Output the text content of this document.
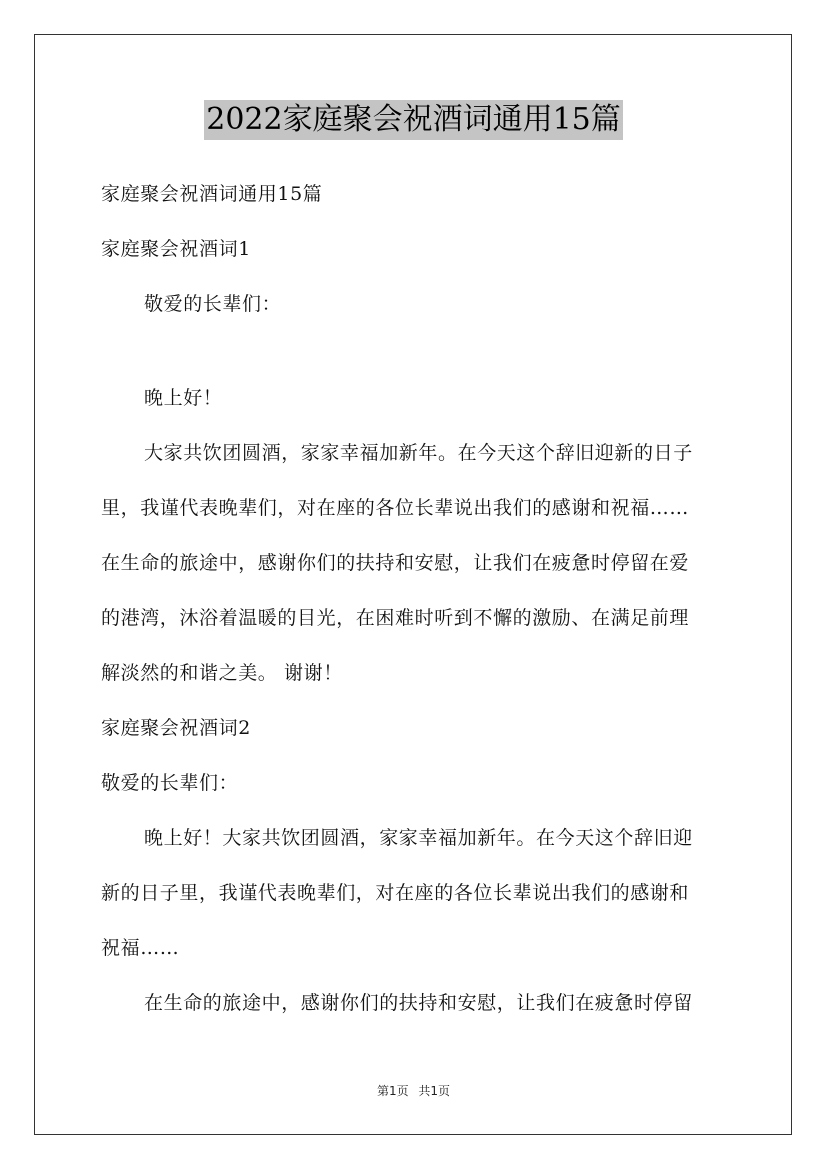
2022家庭聚会祝酒词通用15篇
家庭聚会祝酒词通用15篇
家庭聚会祝酒词1
敬爱的长辈们：
晚上好！
大家共饮团圆酒，家家幸福加新年。在今天这个辞旧迎新的日子
里，我谨代表晚辈们，对在座的各位长辈说出我们的感谢和祝福……
在生命的旅途中，感谢你们的扶持和安慰，让我们在疲惫时停留在爱
的港湾，沐浴着温暖的目光，在困难时听到不懈的激励、在满足前理
解淡然的和谐之美。 谢谢！
家庭聚会祝酒词2
敬爱的长辈们：
晚上好！大家共饮团圆酒，家家幸福加新年。在今天这个辞旧迎
新的日子里，我谨代表晚辈们，对在座的各位长辈说出我们的感谢和
祝福……
在生命的旅途中，感谢你们的扶持和安慰，让我们在疲惫时停留
第1页 共1页
